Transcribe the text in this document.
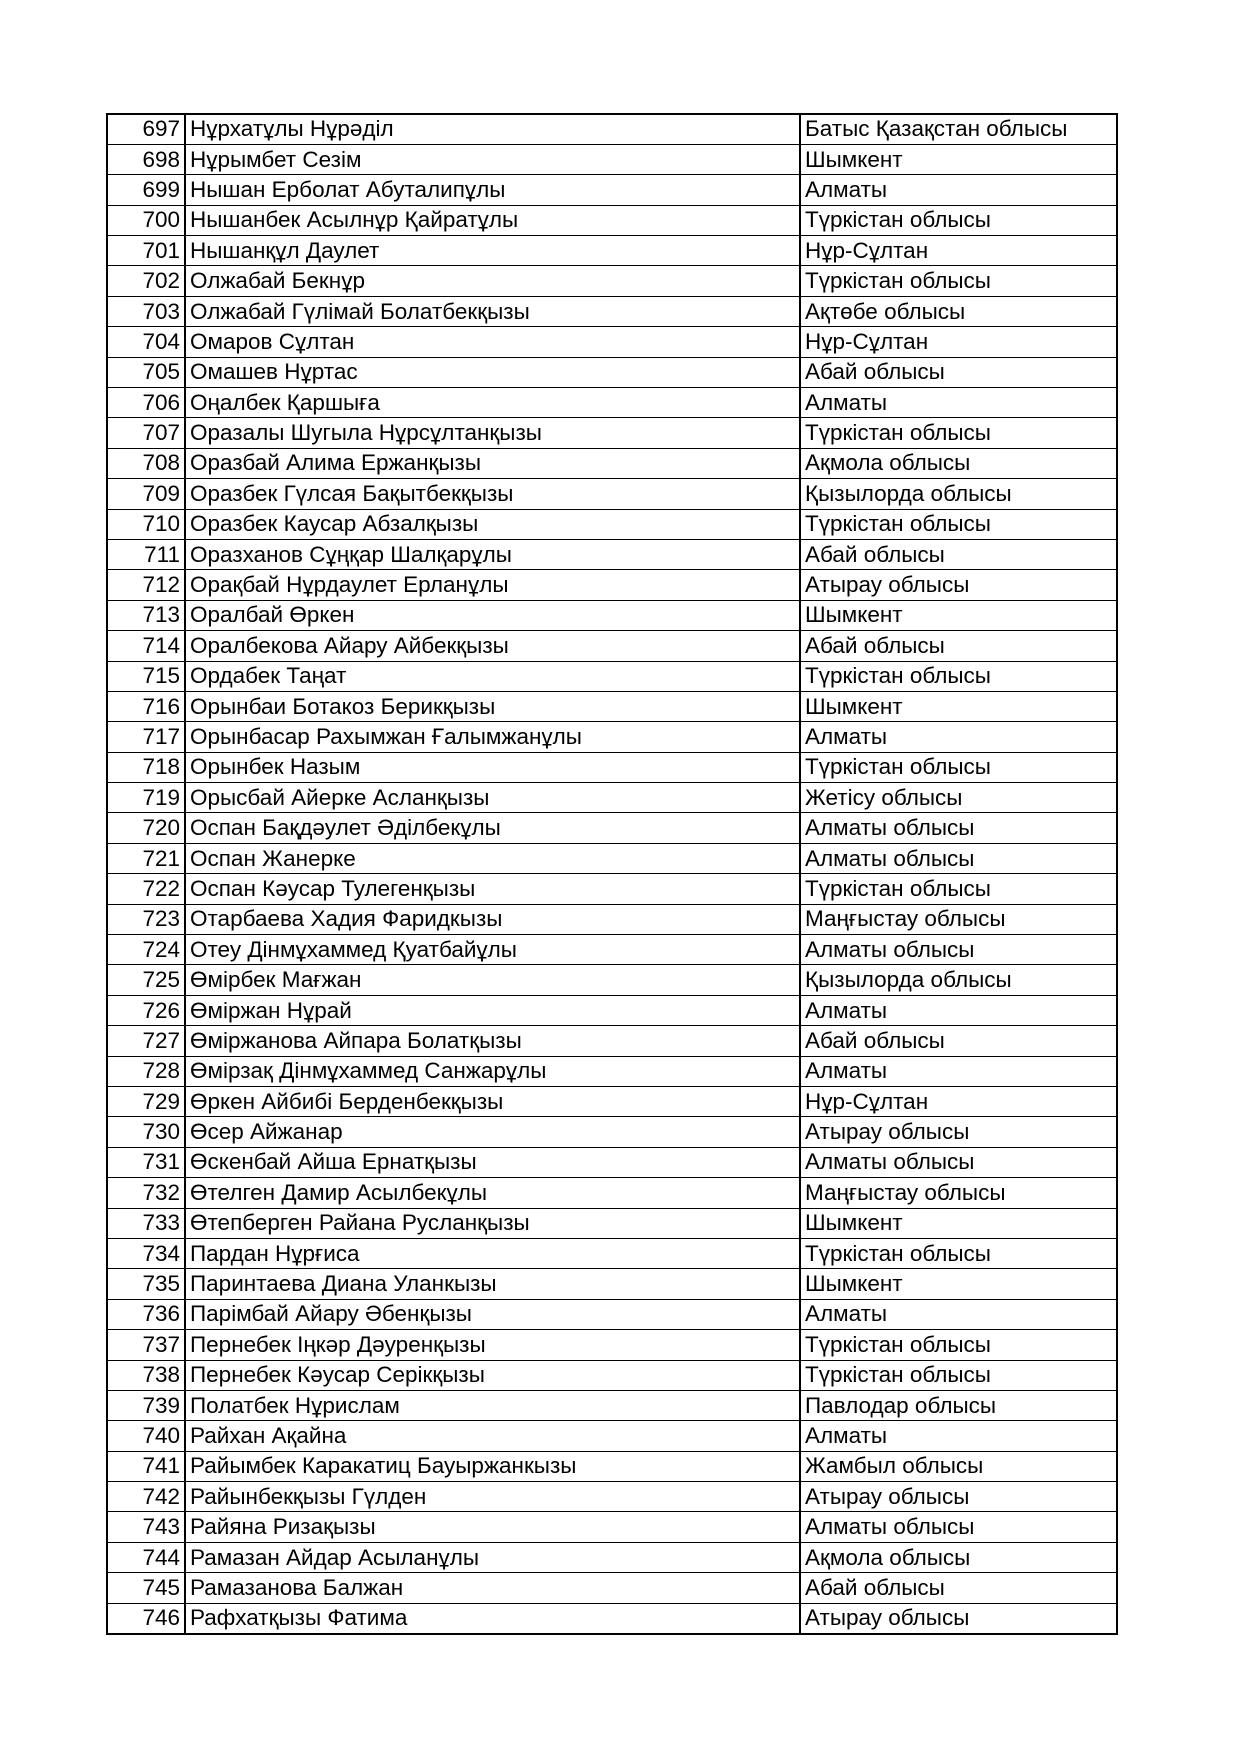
697	Нұрхатұлы Нұрәділ	Батыс Қазақстан облысы
698	Нұрымбет Сезім	Шымкент
699	Нышан Ерболат Абуталипұлы	Алматы
700	Нышанбек Асылнұр Қайратұлы	Түркістан облысы
701	Нышанқұл Даулет	Нұр-Сұлтан
702	Олжабай Бекнұр	Түркістан облысы
703	Олжабай Гүлімай Болатбекқызы	Ақтөбе облысы
704	Омаров Сұлтан	Нұр-Сұлтан
705	Омашев Нұртас	Абай облысы
706	Оңалбек Қаршыға	Алматы
707	Оразалы Шугыла Нұрсұлтанқызы	Түркістан облысы
708	Оразбай Алима Ержанқызы	Ақмола облысы
709	Оразбек Гүлсая Бақытбекқызы	Қызылорда облысы
710	Оразбек Каусар Абзалқызы	Түркістан облысы
711	Оразханов Сұңқар Шалқарұлы	Абай облысы
712	Орақбай Нұрдаулет Ерланұлы	Атырау облысы
713	Оралбай Өркен	Шымкент
714	Оралбекова Айару Айбекқызы	Абай облысы
715	Ордабек Таңат	Түркістан облысы
716	Орынбаи Ботакоз Берикқызы	Шымкент
717	Орынбасар Рахымжан Ғалымжанұлы	Алматы
718	Орынбек Назым	Түркістан облысы
719	Орысбай Айерке Асланқызы	Жетісу облысы
720	Оспан Бақдәулет Әділбекұлы	Алматы облысы
721	Оспан Жанерке	Алматы облысы
722	Оспан Кәусар Тулегенқызы	Түркістан облысы
723	Отарбаева Хадия Фаридкызы	Маңғыстау облысы
724	Отеу Дінмұхаммед Қуатбайұлы	Алматы облысы
725	Өмірбек Мағжан	Қызылорда облысы
726	Өміржан Нұрай	Алматы
727	Өміржанова Айпара Болатқызы	Абай облысы
728	Өмірзақ Дінмұхаммед Санжарұлы	Алматы
729	Өркен Айбибі Берденбекқызы	Нұр-Сұлтан
730	Өсер Айжанар	Атырау облысы
731	Өскенбай Айша Ернатқызы	Алматы облысы
732	Өтелген Дамир Асылбекұлы	Маңғыстау облысы
733	Өтепберген Райана Русланқызы	Шымкент
734	Пардан Нұрғиса	Түркістан облысы
735	Паринтаева Диана Уланкызы	Шымкент
736	Парімбай Айару Әбенқызы	Алматы
737	Пернебек Іңкәр Дәуренқызы	Түркістан облысы
738	Пернебек Кәусар Серікқызы	Түркістан облысы
739	Полатбек Нұрислам	Павлодар облысы
740	Райхан Ақайна	Алматы
741	Райымбек Каракатиц Бауыржанкызы	Жамбыл облысы
742	Райынбекқызы Гүлден	Атырау облысы
743	Райяна Ризақызы	Алматы облысы
744	Рамазан Айдар Асыланұлы	Ақмола облысы
745	Рамазанова Балжан	Абай облысы
746	Рафхатқызы Фатима	Атырау облысы
